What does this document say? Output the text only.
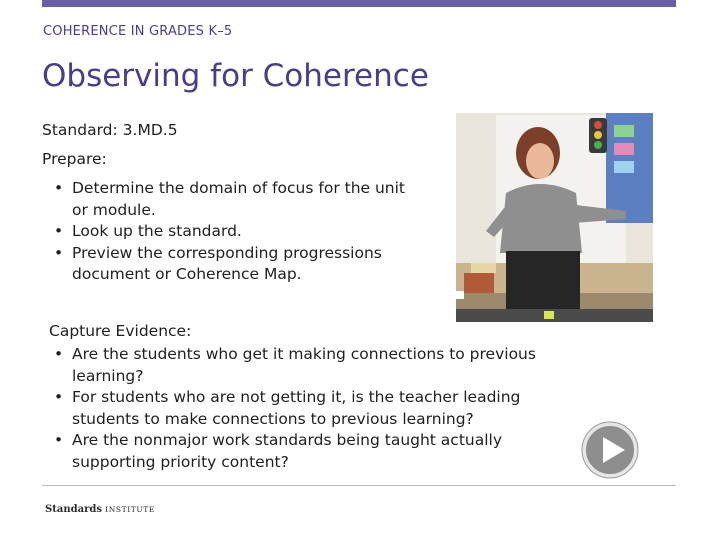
COHERENCE IN GRADES K–5
Observing for Coherence
Standard: 3.MD.5
Prepare:
• Determine the domain of focus for the unit or module.
• Look up the standard.
• Preview the corresponding progressions document or Coherence Map.
Capture Evidence:
• Are the students who get it making connections to previous learning?
• For students who are not getting it, is the teacher leading students to make connections to previous learning?
• Are the nonmajor work standards being taught actually supporting priority content?
Standards INSTITUTE
